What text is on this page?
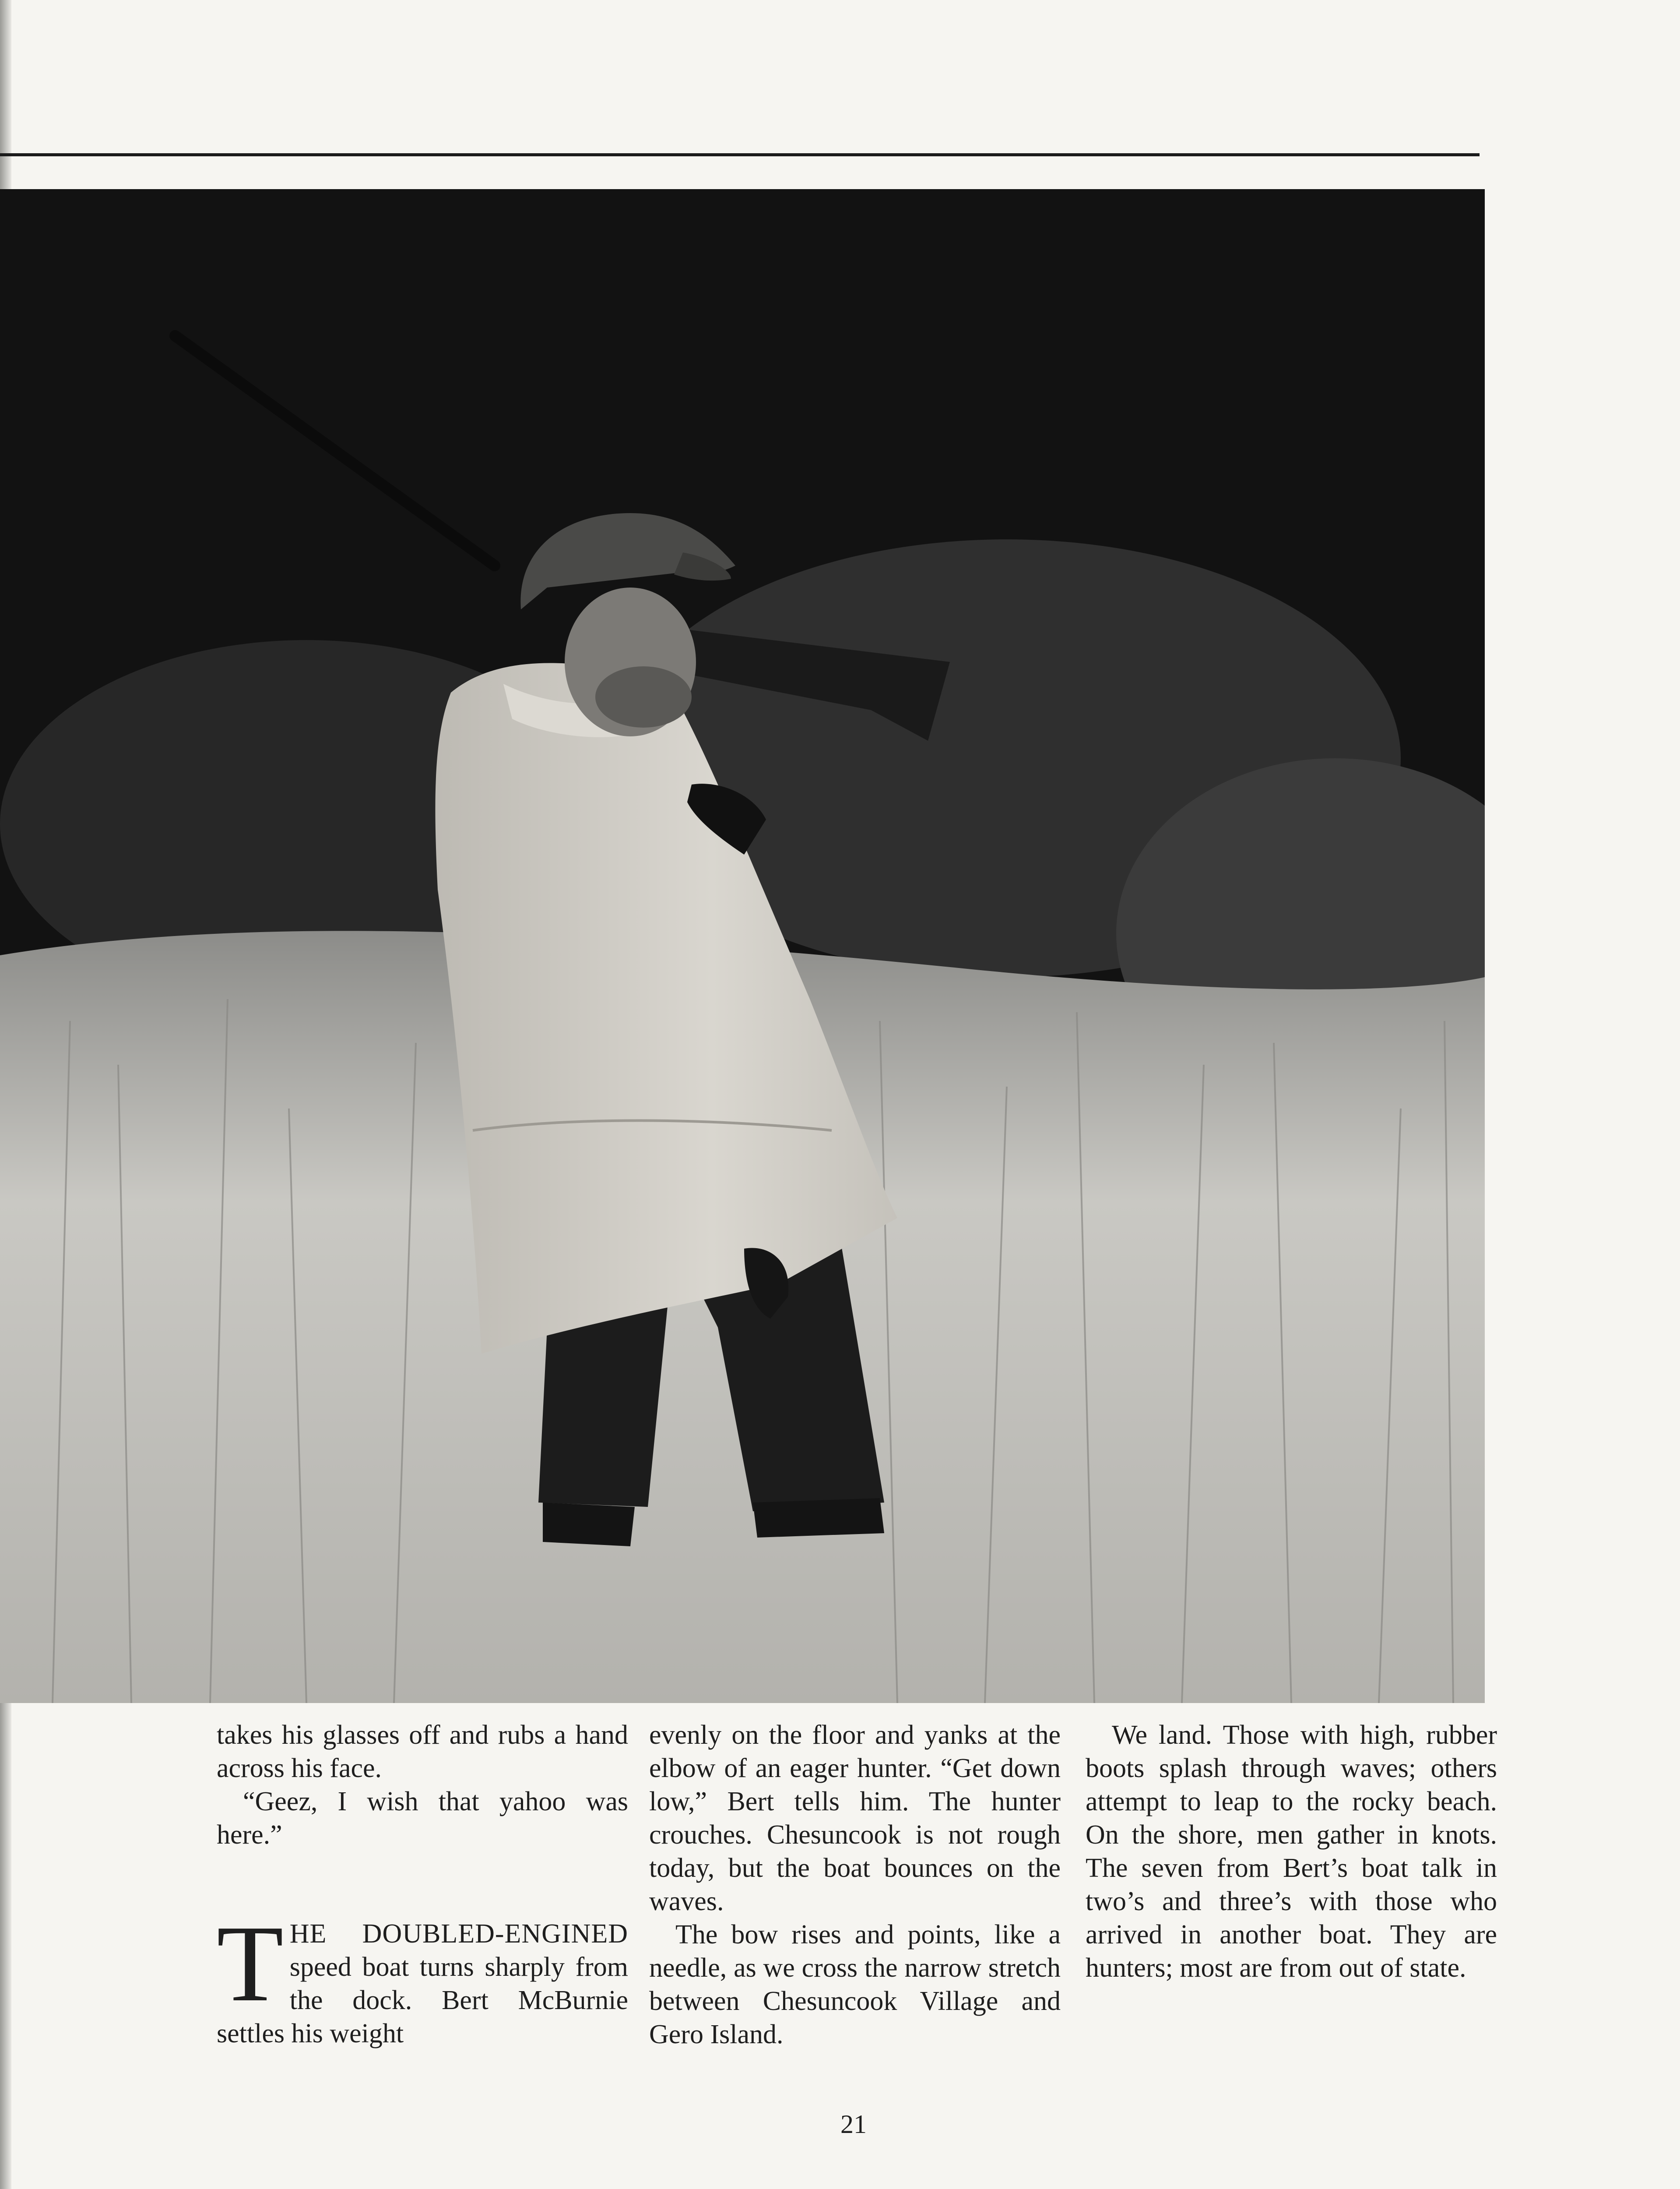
takes his glasses off and rubs a hand across his face.

“Geez, I wish that yahoo was here.”

THE DOUBLED-ENGINED speed boat turns sharply from the dock. Bert McBurnie settles his weight

evenly on the floor and yanks at the elbow of an eager hunter. “Get down low,” Bert tells him. The hunter crouches. Chesuncook is not rough today, but the boat bounces on the waves.

The bow rises and points, like a needle, as we cross the narrow stretch between Chesuncook Village and Gero Island.

We land. Those with high, rubber boots splash through waves; others attempt to leap to the rocky beach. On the shore, men gather in knots. The seven from Bert’s boat talk in two’s and three’s with those who arrived in another boat. They are hunters; most are from out of state.

21
